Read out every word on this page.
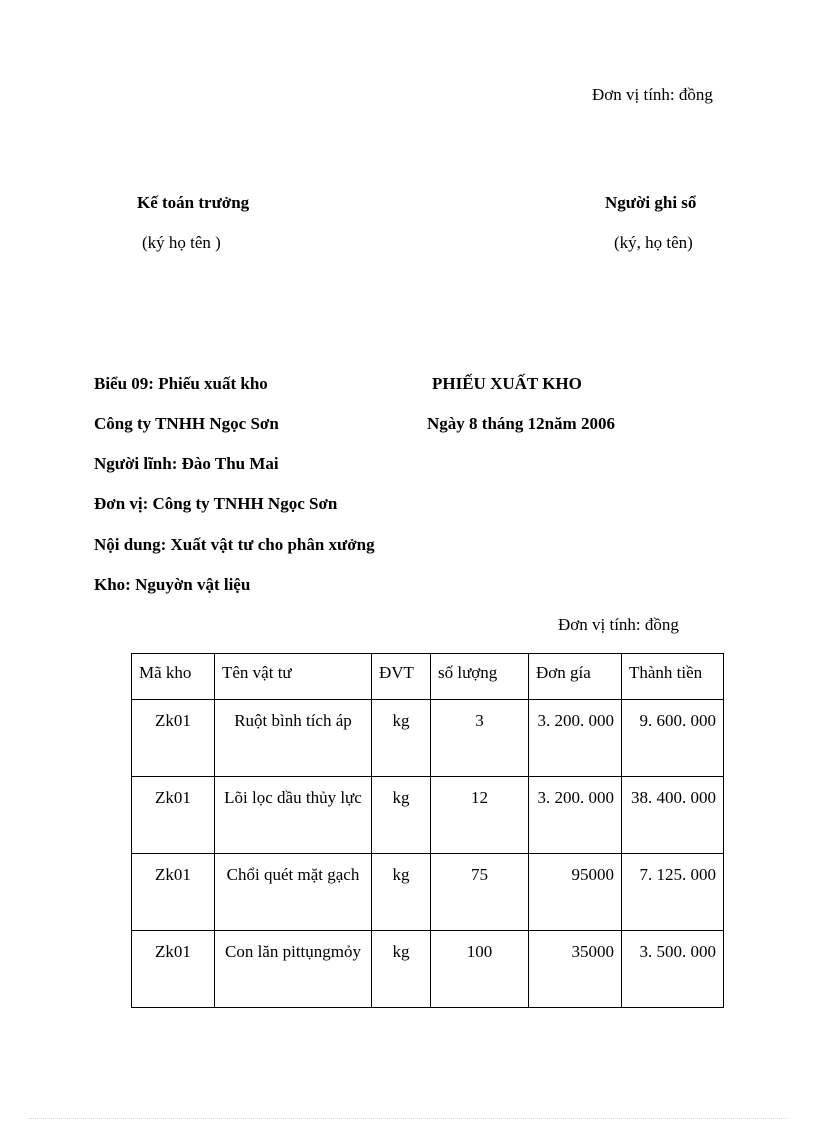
Đơn vị tính: đồng
Kế toán trưởng
(ký họ tên )
Người ghi sổ
(ký, họ tên)
Biểu 09: Phiếu xuất kho	PHIẾU XUẤT KHO
Công ty TNHH Ngọc Sơn	Ngày 8 tháng 12năm 2006
Người lĩnh: Đào Thu Mai
Đơn vị: Công ty TNHH Ngọc Sơn
Nội dung: Xuất vật tư cho phân xưởng
Kho: Nguyờn vật liệu
Đơn vị tính: đồng
Mã kho	Tên vật tư	ĐVT	số lượng	Đơn gía	Thành tiền
Zk01	Ruột bình tích áp	kg	3	3. 200. 000	9. 600. 000
Zk01	Lõi lọc dầu thủy lực	kg	12	3. 200. 000	38. 400. 000
Zk01	Chổi quét mặt gạch	kg	75	95000	7. 125. 000
Zk01	Con lăn pittụngmỏy	kg	100	35000	3. 500. 000
